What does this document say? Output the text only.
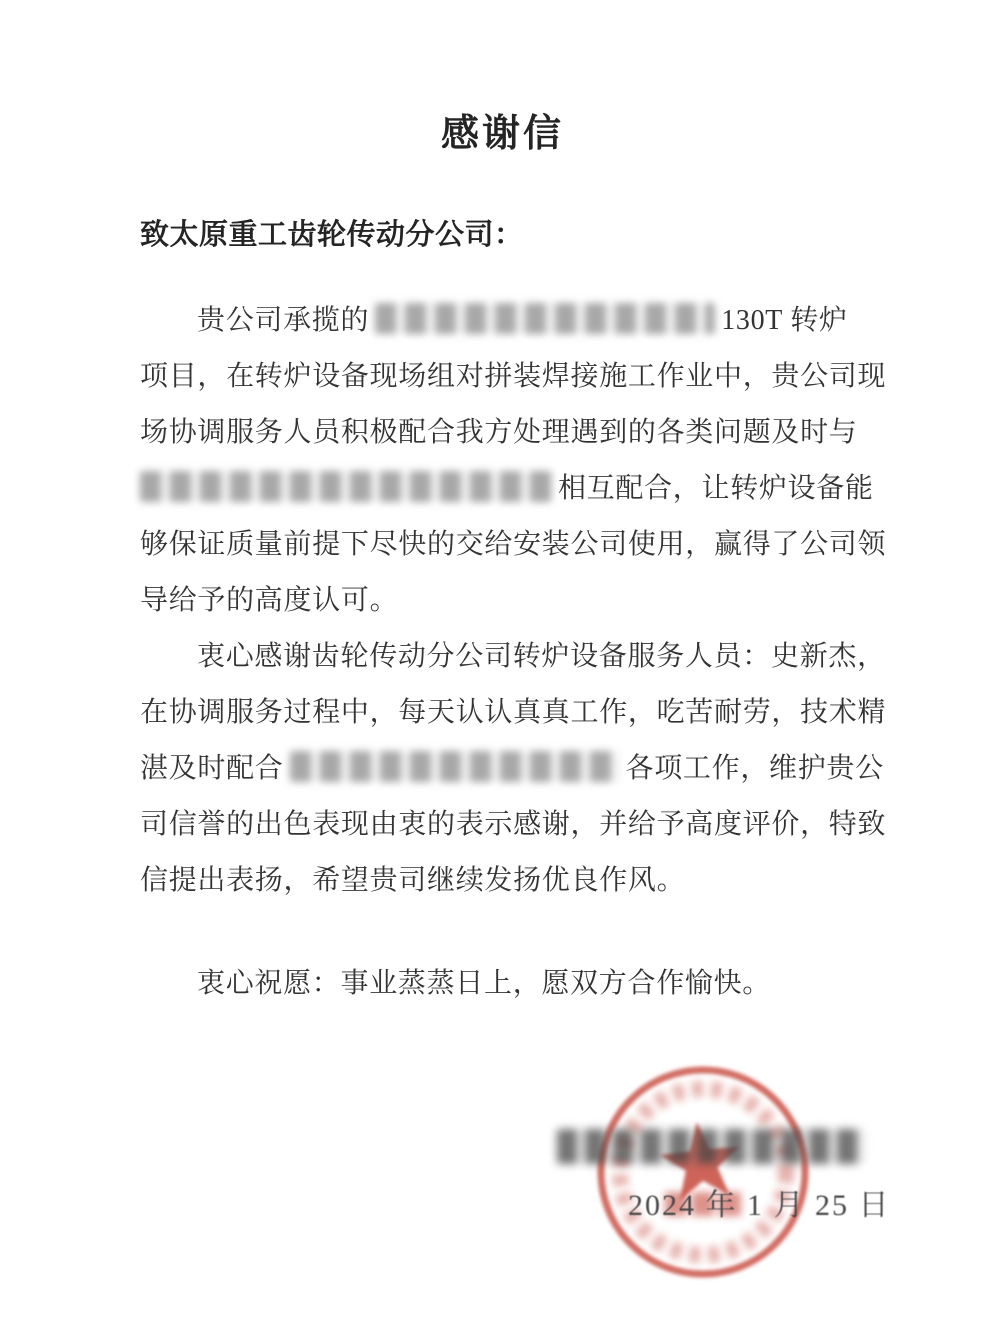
感谢信
致太原重工齿轮传动分公司：
贵公司承揽的	130T 转炉
项目，在转炉设备现场组对拼装焊接施工作业中，贵公司现
场协调服务人员积极配合我方处理遇到的各类问题及时与
相互配合，让转炉设备能
够保证质量前提下尽快的交给安装公司使用，赢得了公司领
导给予的高度认可。
衷心感谢齿轮传动分公司转炉设备服务人员：史新杰，
在协调服务过程中，每天认认真真工作，吃苦耐劳，技术精
湛及时配合	各项工作，维护贵公
司信誉的出色表现由衷的表示感谢，并给予高度评价，特致
信提出表扬，希望贵司继续发扬优良作风。
衷心祝愿：事业蒸蒸日上，愿双方合作愉快。
2024 年 1 月 25 日
